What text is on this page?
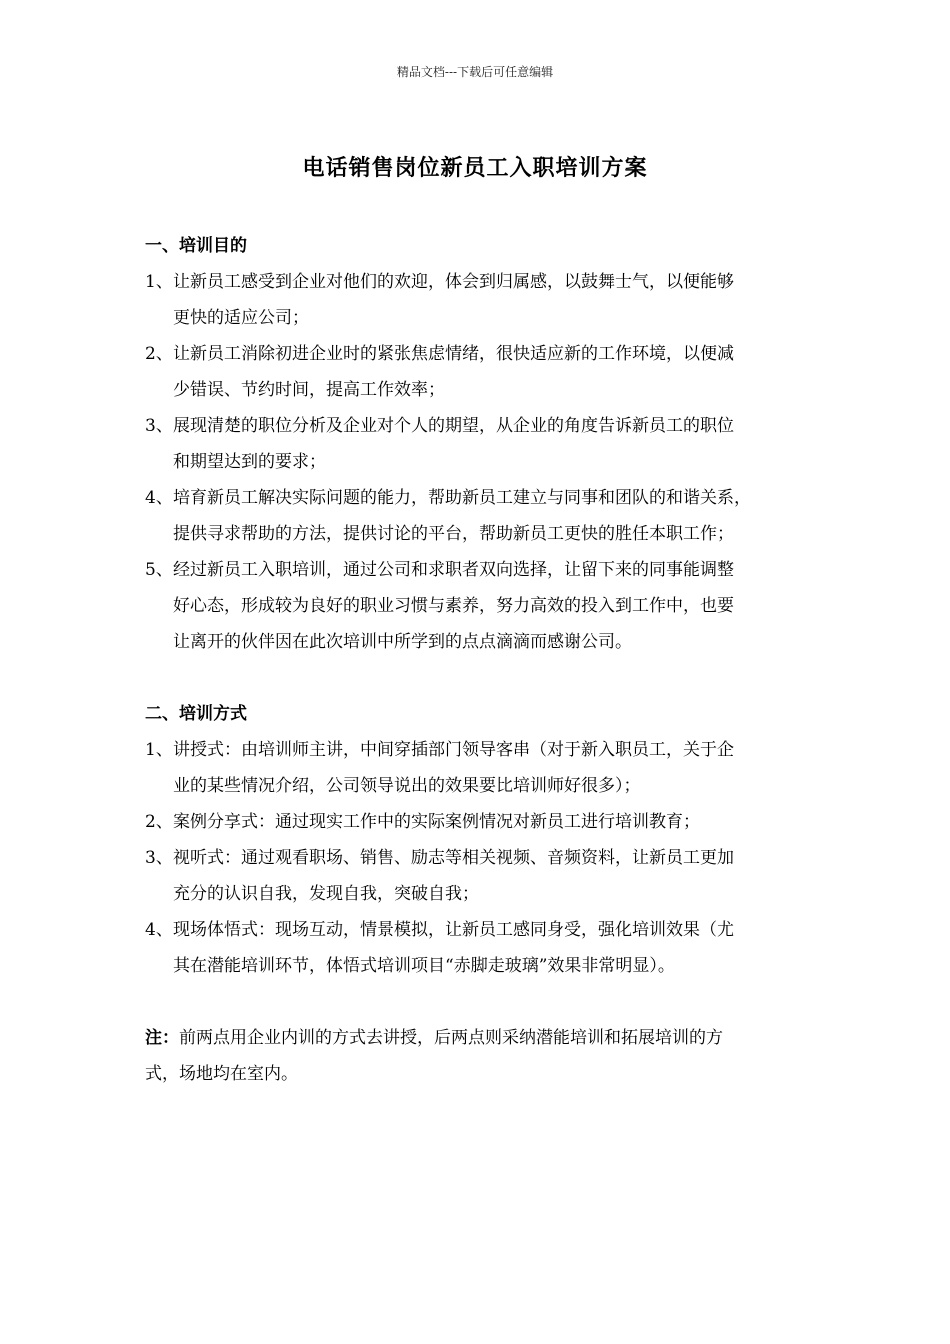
精品文档---下载后可任意编辑
电话销售岗位新员工入职培训方案
一、培训目的
1、 让新员工感受到企业对他们的欢迎，体会到归属感，以鼓舞士气，以便能够
更快的适应公司；
2、 让新员工消除初进企业时的紧张焦虑情绪，很快适应新的工作环境，以便减
少错误、节约时间，提高工作效率；
3、 展现清楚的职位分析及企业对个人的期望，从企业的角度告诉新员工的职位
和期望达到的要求；
4、 培育新员工解决实际问题的能力，帮助新员工建立与同事和团队的和谐关系，
提供寻求帮助的方法，提供讨论的平台，帮助新员工更快的胜任本职工作；
5、 经过新员工入职培训，通过公司和求职者双向选择，让留下来的同事能调整
好心态，形成较为良好的职业习惯与素养，努力高效的投入到工作中，也要
让离开的伙伴因在此次培训中所学到的点点滴滴而感谢公司。
二、培训方式
1、 讲授式：由培训师主讲，中间穿插部门领导客串（对于新入职员工，关于企
业的某些情况介绍，公司领导说出的效果要比培训师好很多）；
2、 案例分享式：通过现实工作中的实际案例情况对新员工进行培训教育；
3、 视听式：通过观看职场、销售、励志等相关视频、音频资料，让新员工更加
充分的认识自我，发现自我，突破自我；
4、 现场体悟式：现场互动，情景模拟，让新员工感同身受，强化培训效果（尤
其在潜能培训环节，体悟式培训项目“赤脚走玻璃”效果非常明显）。
注：前两点用企业内训的方式去讲授，后两点则采纳潜能培训和拓展培训的方
式，场地均在室内。
